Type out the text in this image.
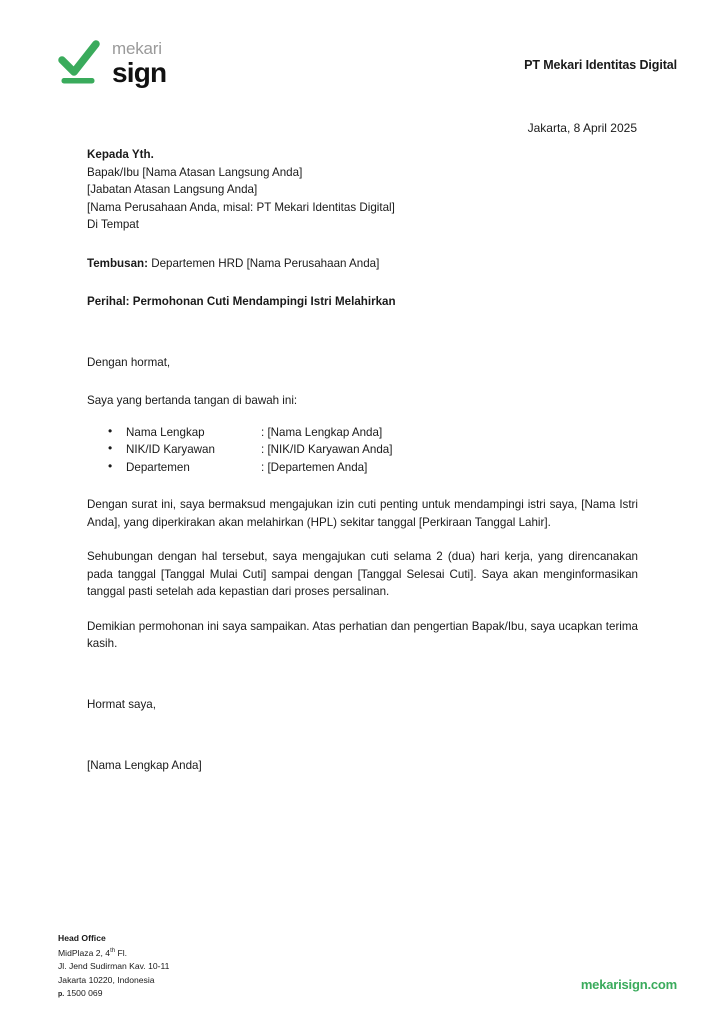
mekari
sign	PT Mekari Identitas Digital
Jakarta, 8 April 2025
Kepada Yth.
Bapak/Ibu [Nama Atasan Langsung Anda]
[Jabatan Atasan Langsung Anda]
[Nama Perusahaan Anda, misal: PT Mekari Identitas Digital]
Di Tempat
Tembusan: Departemen HRD [Nama Perusahaan Anda]
Perihal: Permohonan Cuti Mendampingi Istri Melahirkan
Dengan hormat,
Saya yang bertanda tangan di bawah ini:
• Nama Lengkap	: [Nama Lengkap Anda]
• NIK/ID Karyawan	: [NIK/ID Karyawan Anda]
• Departemen	: [Departemen Anda]

Dengan surat ini, saya bermaksud mengajukan izin cuti penting untuk mendampingi istri saya, [Nama Istri Anda], yang diperkirakan akan melahirkan (HPL) sekitar tanggal [Perkiraan Tanggal Lahir].

Sehubungan dengan hal tersebut, saya mengajukan cuti selama 2 (dua) hari kerja, yang direncanakan pada tanggal [Tanggal Mulai Cuti] sampai dengan [Tanggal Selesai Cuti]. Saya akan menginformasikan tanggal pasti setelah ada kepastian dari proses persalinan.

Demikian permohonan ini saya sampaikan. Atas perhatian dan pengertian Bapak/Ibu, saya ucapkan terima kasih.

Hormat saya,
[Nama Lengkap Anda]
Head Office
MidPlaza 2, 4th Fl.
Jl. Jend Sudirman Kav. 10-11
Jakarta 10220, Indonesia
p. 1500 069
mekarisign.com
